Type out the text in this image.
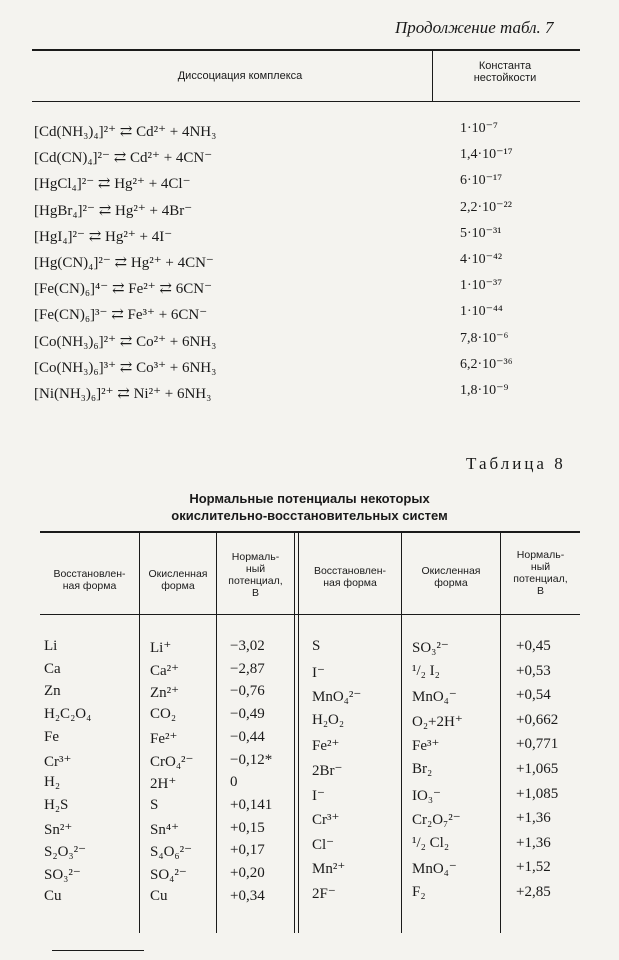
Продолжение табл. 7
Диссоциация комплекса
Константа
нестойкости
[Cd(NH₃)₄]²⁺ ⇄ Cd²⁺ + 4NH₃	1·10⁻⁷
[Cd(CN)₄]²⁻ ⇄ Cd²⁺ + 4CN⁻	1,4·10⁻¹⁷
[HgCl₄]²⁻ ⇄ Hg²⁺ + 4Cl⁻	6·10⁻¹⁷
[HgBr₄]²⁻ ⇄ Hg²⁺ + 4Br⁻	2,2·10⁻²²
[HgI₄]²⁻ ⇄ Hg²⁺ + 4I⁻	5·10⁻³¹
[Hg(CN)₄]²⁻ ⇄ Hg²⁺ + 4CN⁻	4·10⁻⁴²
[Fe(CN)₆]⁴⁻ ⇄ Fe²⁺ ⇄ 6CN⁻	1·10⁻³⁷
[Fe(CN)₆]³⁻ ⇄ Fe³⁺ + 6CN⁻	1·10⁻⁴⁴
[Co(NH₃)₆]²⁺ ⇄ Co²⁺ + 6NH₃	7,8·10⁻⁶
[Co(NH₃)₆]³⁺ ⇄ Co³⁺ + 6NH₃	6,2·10⁻³⁶
[Ni(NH₃)₆]²⁺ ⇄ Ni²⁺ + 6NH₃	1,8·10⁻⁹
Таблица 8
Нормальные потенциалы некоторых
окислительно-восстановительных систем
Восстановлен-
ная форма
Окисленная
форма
Нормаль-
ный
потенциал,
В
Восстановлен-
ная форма
Окисленная
форма
Нормаль-
ный
потенциал,
В
Li	Li⁺	−3,02
Ca	Ca²⁺	−2,87
Zn	Zn²⁺	−0,76
H₂C₂O₄	CO₂	−0,49
Fe	Fe²⁺	−0,44
Cr³⁺	CrO₄²⁻ −0,12*
H₂	2H⁺	0
H₂S	S	+0,141
Sn²⁺	Sn⁴⁺	+0,15
S₂O₃²⁻	S₄O₆²⁻	+0,17
SO₃²⁻	SO₄²⁻	+0,20
Cu	Cu	+0,34
S	SO₃²⁻	+0,45
I⁻	¹/₂ I₂	+0,53
MnO₄²⁻	MnO₄⁻	+0,54
H₂O₂	O₂+2H⁺	+0,662
Fe²⁺	Fe³⁺	+0,771
2Br⁻	Br₂	+1,065
I⁻	IO₃⁻	+1,085
Cr³⁺	Cr₂O₇²⁻	+1,36
Cl⁻	¹/₂ Cl₂	+1,36
Mn²⁺	MnO₄⁻	+1,52
2F⁻	F₂	+2,85
